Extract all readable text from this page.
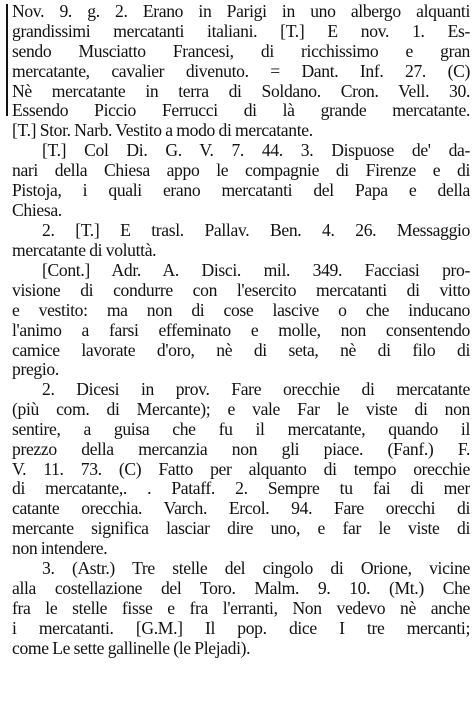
Nov. 9. g. 2. Erano in Parigi in uno albergo alquanti
grandissimi mercatanti italiani. [T.] E nov. 1. Es-
sendo Musciatto Francesi, di ricchissimo e gran
mercatante, cavalier divenuto. = Dant. Inf. 27. (C)
Nè mercatante in terra di Soldano. Cron. Vell. 30.
Essendo Piccio Ferrucci di là grande mercatante.
[T.] Stor. Narb. Vestito a modo di mercatante.
[T.] Col Di. G. V. 7. 44. 3. Dispuose de' da-
nari della Chiesa appo le compagnie di Firenze e di
Pistoja, i quali erano mercatanti del Papa e della
Chiesa.
2. [T.] E trasl. Pallav. Ben. 4. 26. Messaggio
mercatante di voluttà.
[Cont.] Adr. A. Disci. mil. 349. Facciasi pro-
visione di condurre con l'esercito mercatanti di vitto
e vestito: ma non di cose lascive o che inducano
l'animo a farsi effeminato e molle, non consentendo
camice lavorate d'oro, nè di seta, nè di filo di
pregio.
2. Dicesi in prov. Fare orecchie di mercatante
(più com. di Mercante); e vale Far le viste di non
sentire, a guisa che fu il mercatante, quando il
prezzo della mercanzia non gli piace. (Fanf.) F.
V. 11. 73. (C) Fatto per alquanto di tempo orecchie
di mercatante,. . Pataff. 2. Sempre tu fai di mer
catante orecchia. Varch. Ercol. 94. Fare orecchi di
mercante significa lasciar dire uno, e far le viste di
non intendere.
3. (Astr.) Tre stelle del cingolo di Orione, vicine
alla costellazione del Toro. Malm. 9. 10. (Mt.) Che
fra le stelle fisse e fra l'erranti, Non vedevo nè anche
i mercatanti. [G.M.] Il pop. dice I tre mercanti;
come Le sette gallinelle (le Plejadi).
